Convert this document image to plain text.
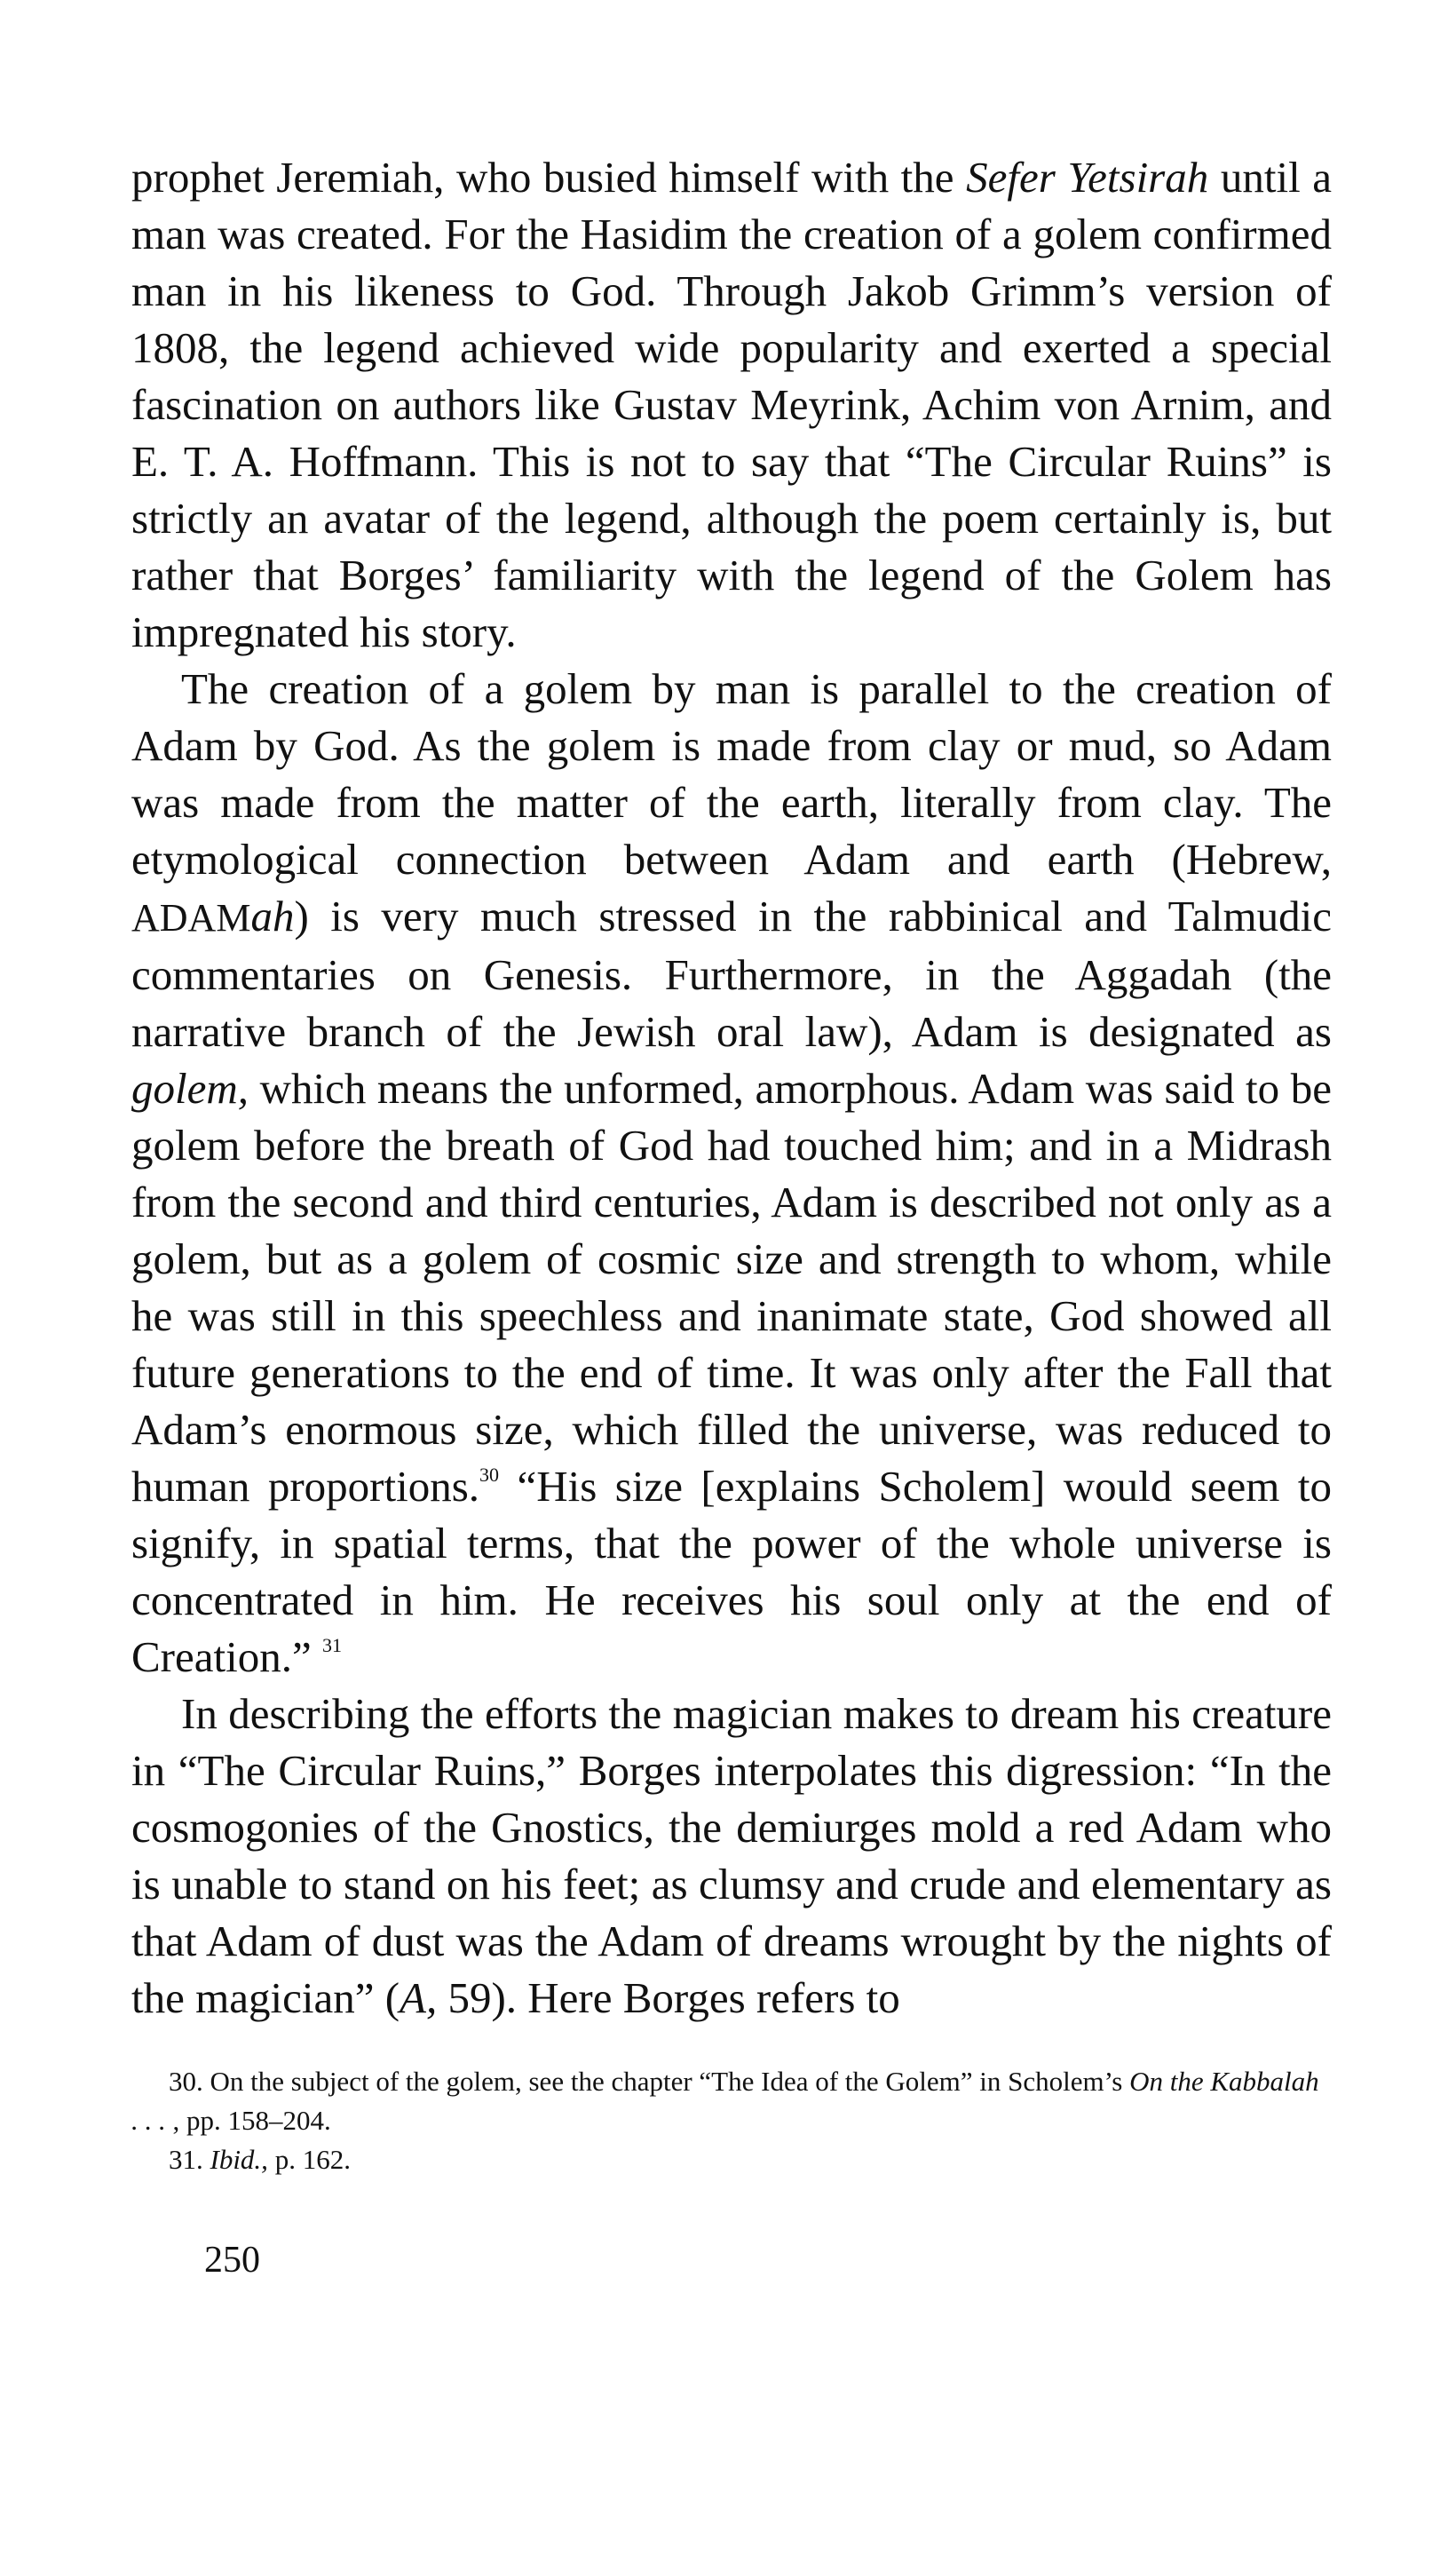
prophet Jeremiah, who busied himself with the Sefer Yetsirah until a man was created. For the Hasidim the creation of a golem confirmed man in his likeness to God. Through Jakob Grimm’s version of 1808, the legend achieved wide popularity and exerted a special fascination on authors like Gustav Meyrink, Achim von Arnim, and E. T. A. Hoffmann. This is not to say that “The Circular Ruins” is strictly an avatar of the legend, although the poem certainly is, but rather that Borges’ familiarity with the legend of the Golem has impregnated his story.

The creation of a golem by man is parallel to the creation of Adam by God. As the golem is made from clay or mud, so Adam was made from the matter of the earth, literally from clay. The etymological connection between Adam and earth (Hebrew, ADAMah) is very much stressed in the rabbinical and Talmudic commentaries on Genesis. Furthermore, in the Aggadah (the narrative branch of the Jewish oral law), Adam is designated as golem, which means the unformed, amorphous. Adam was said to be golem before the breath of God had touched him; and in a Midrash from the second and third centuries, Adam is described not only as a golem, but as a golem of cosmic size and strength to whom, while he was still in this speechless and inanimate state, God showed all future generations to the end of time. It was only after the Fall that Adam’s enormous size, which filled the universe, was reduced to human proportions.$^{30}$ “His size [explains Scholem] would seem to signify, in spatial terms, that the power of the whole universe is concentrated in him. He receives his soul only at the end of Creation.” $^{31}$

In describing the efforts the magician makes to dream his creature in “The Circular Ruins,” Borges interpolates this digression: “In the cosmogonies of the Gnostics, the demiurges mold a red Adam who is unable to stand on his feet; as clumsy and crude and elementary as that Adam of dust was the Adam of dreams wrought by the nights of the magician” (A, 59). Here Borges refers to

30. On the subject of the golem, see the chapter “The Idea of the Golem” in Scholem’s On the Kabbalah . . . , pp. 158–204.

31. Ibid., p. 162.

250
